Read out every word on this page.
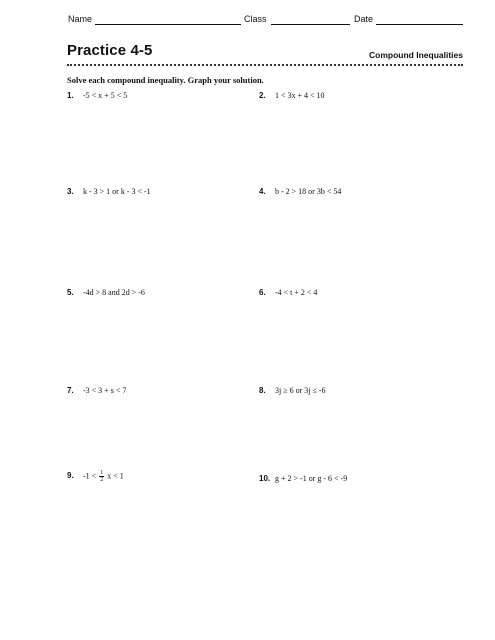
Name	Class	Date
Practice 4-5	Compound Inequalities
Solve each compound inequality. Graph your solution.
1. -5 < x + 5 < 5	2. 1 < 3x + 4 < 10
3. k - 3 > 1 or k - 3 < -1	4. b - 2 > 18 or 3b < 54
5. -4d > 8 and 2d > -6	6. -4 < t + 2 < 4
7. -3 < 3 + s < 7	8. 3j ≥ 6 or 3j ≤ -6
9. $-1 < \frac{1}{2}$ x < 1	10. g + 2 > -1 or g - 6 < -9
